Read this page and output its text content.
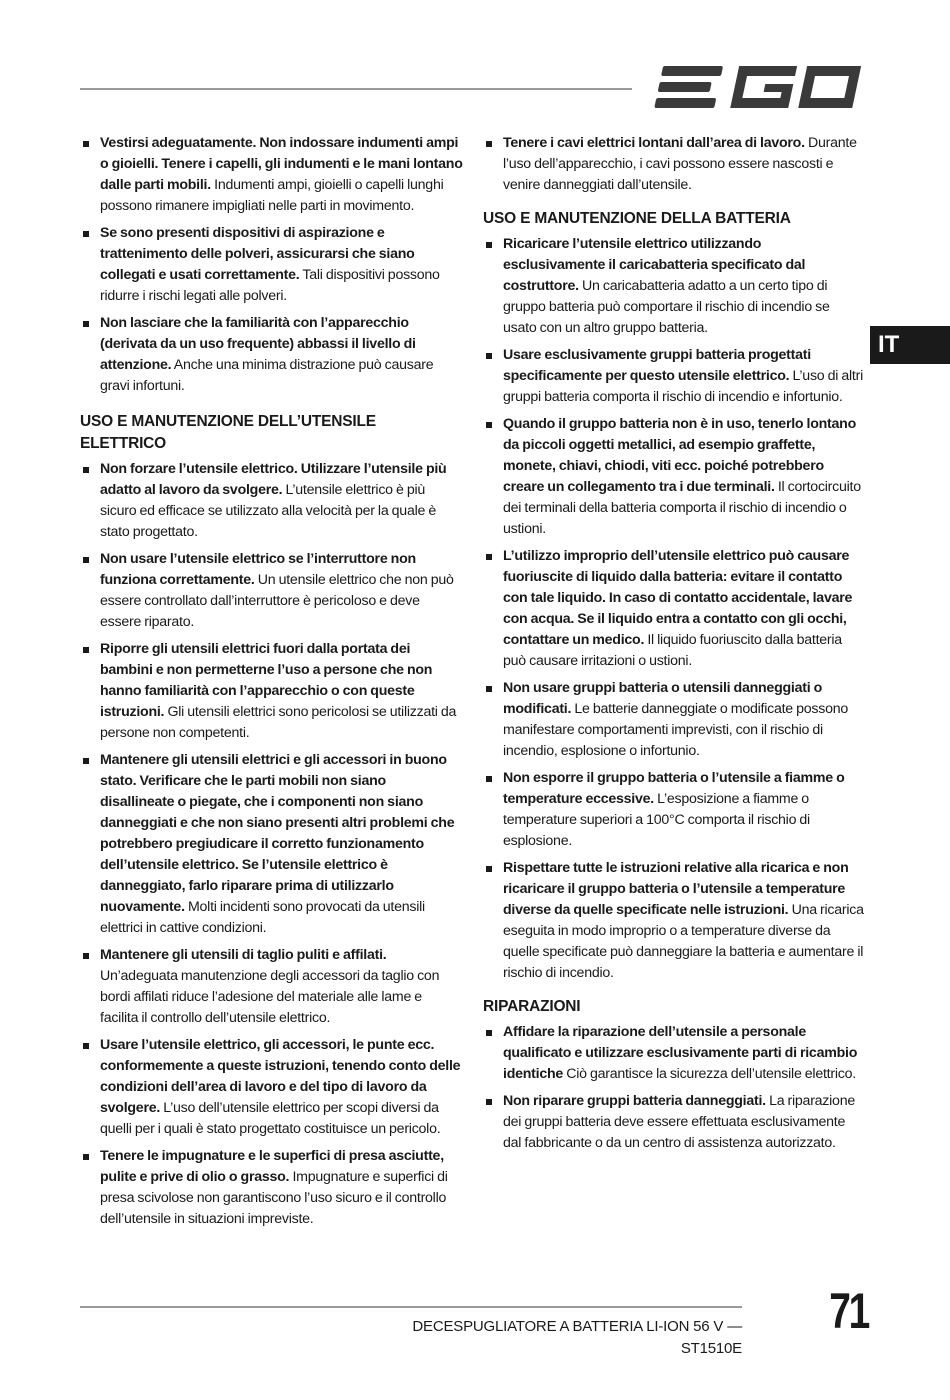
IT
Vestirsi adeguatamente. Non indossare indumenti ampi o gioielli. Tenere i capelli, gli indumenti e le mani lontano dalle parti mobili. Indumenti ampi, gioielli o capelli lunghi possono rimanere impigliati nelle parti in movimento.
Se sono presenti dispositivi di aspirazione e trattenimento delle polveri, assicurarsi che siano collegati e usati correttamente. Tali dispositivi possono ridurre i rischi legati alle polveri.
Non lasciare che la familiarità con l’apparecchio (derivata da un uso frequente) abbassi il livello di attenzione. Anche una minima distrazione può causare gravi infortuni.
USO E MANUTENZIONE DELL’UTENSILE ELETTRICO
Non forzare l’utensile elettrico. Utilizzare l’utensile più adatto al lavoro da svolgere. L’utensile elettrico è più sicuro ed efficace se utilizzato alla velocità per la quale è stato progettato.
Non usare l’utensile elettrico se l’interruttore non funziona correttamente. Un utensile elettrico che non può essere controllato dall’interruttore è pericoloso e deve essere riparato.
Riporre gli utensili elettrici fuori dalla portata dei bambini e non permetterne l’uso a persone che non hanno familiarità con l’apparecchio o con queste istruzioni. Gli utensili elettrici sono pericolosi se utilizzati da persone non competenti.
Mantenere gli utensili elettrici e gli accessori in buono stato. Verificare che le parti mobili non siano disallineate o piegate, che i componenti non siano danneggiati e che non siano presenti altri problemi che potrebbero pregiudicare il corretto funzionamento dell’utensile elettrico. Se l’utensile elettrico è danneggiato, farlo riparare prima di utilizzarlo nuovamente. Molti incidenti sono provocati da utensili elettrici in cattive condizioni.
Mantenere gli utensili di taglio puliti e affilati. Un’adeguata manutenzione degli accessori da taglio con bordi affilati riduce l’adesione del materiale alle lame e facilita il controllo dell’utensile elettrico.
Usare l’utensile elettrico, gli accessori, le punte ecc. conformemente a queste istruzioni, tenendo conto delle condizioni dell’area di lavoro e del tipo di lavoro da svolgere. L’uso dell’utensile elettrico per scopi diversi da quelli per i quali è stato progettato costituisce un pericolo.
Tenere le impugnature e le superfici di presa asciutte, pulite e prive di olio o grasso. Impugnature e superfici di presa scivolose non garantiscono l’uso sicuro e il controllo dell’utensile in situazioni impreviste.
Tenere i cavi elettrici lontani dall’area di lavoro. Durante l’uso dell’apparecchio, i cavi possono essere nascosti e venire danneggiati dall’utensile.
USO E MANUTENZIONE DELLA BATTERIA
Ricaricare l’utensile elettrico utilizzando esclusivamente il caricabatteria specificato dal costruttore. Un caricabatteria adatto a un certo tipo di gruppo batteria può comportare il rischio di incendio se usato con un altro gruppo batteria.
Usare esclusivamente gruppi batteria progettati specificamente per questo utensile elettrico. L’uso di altri gruppi batteria comporta il rischio di incendio e infortunio.
Quando il gruppo batteria non è in uso, tenerlo lontano da piccoli oggetti metallici, ad esempio graffette, monete, chiavi, chiodi, viti ecc. poiché potrebbero creare un collegamento tra i due terminali. Il cortocircuito dei terminali della batteria comporta il rischio di incendio o ustioni.
L’utilizzo improprio dell’utensile elettrico può causare fuoriuscite di liquido dalla batteria: evitare il contatto con tale liquido. In caso di contatto accidentale, lavare con acqua. Se il liquido entra a contatto con gli occhi, contattare un medico. Il liquido fuoriuscito dalla batteria può causare irritazioni o ustioni.
Non usare gruppi batteria o utensili danneggiati o modificati. Le batterie danneggiate o modificate possono manifestare comportamenti imprevisti, con il rischio di incendio, esplosione o infortunio.
Non esporre il gruppo batteria o l’utensile a fiamme o temperature eccessive. L’esposizione a fiamme o temperature superiori a 100°C comporta il rischio di esplosione.
Rispettare tutte le istruzioni relative alla ricarica e non ricaricare il gruppo batteria o l’utensile a temperature diverse da quelle specificate nelle istruzioni. Una ricarica eseguita in modo improprio o a temperature diverse da quelle specificate può danneggiare la batteria e aumentare il rischio di incendio.
RIPARAZIONI
Affidare la riparazione dell’utensile a personale qualificato e utilizzare esclusivamente parti di ricambio identiche Ciò garantisce la sicurezza dell’utensile elettrico.
Non riparare gruppi batteria danneggiati. La riparazione dei gruppi batteria deve essere effettuata esclusivamente dal fabbricante o da un centro di assistenza autorizzato.
DECESPUGLIATORE A BATTERIA LI-ION 56 V — ST1510E
71
